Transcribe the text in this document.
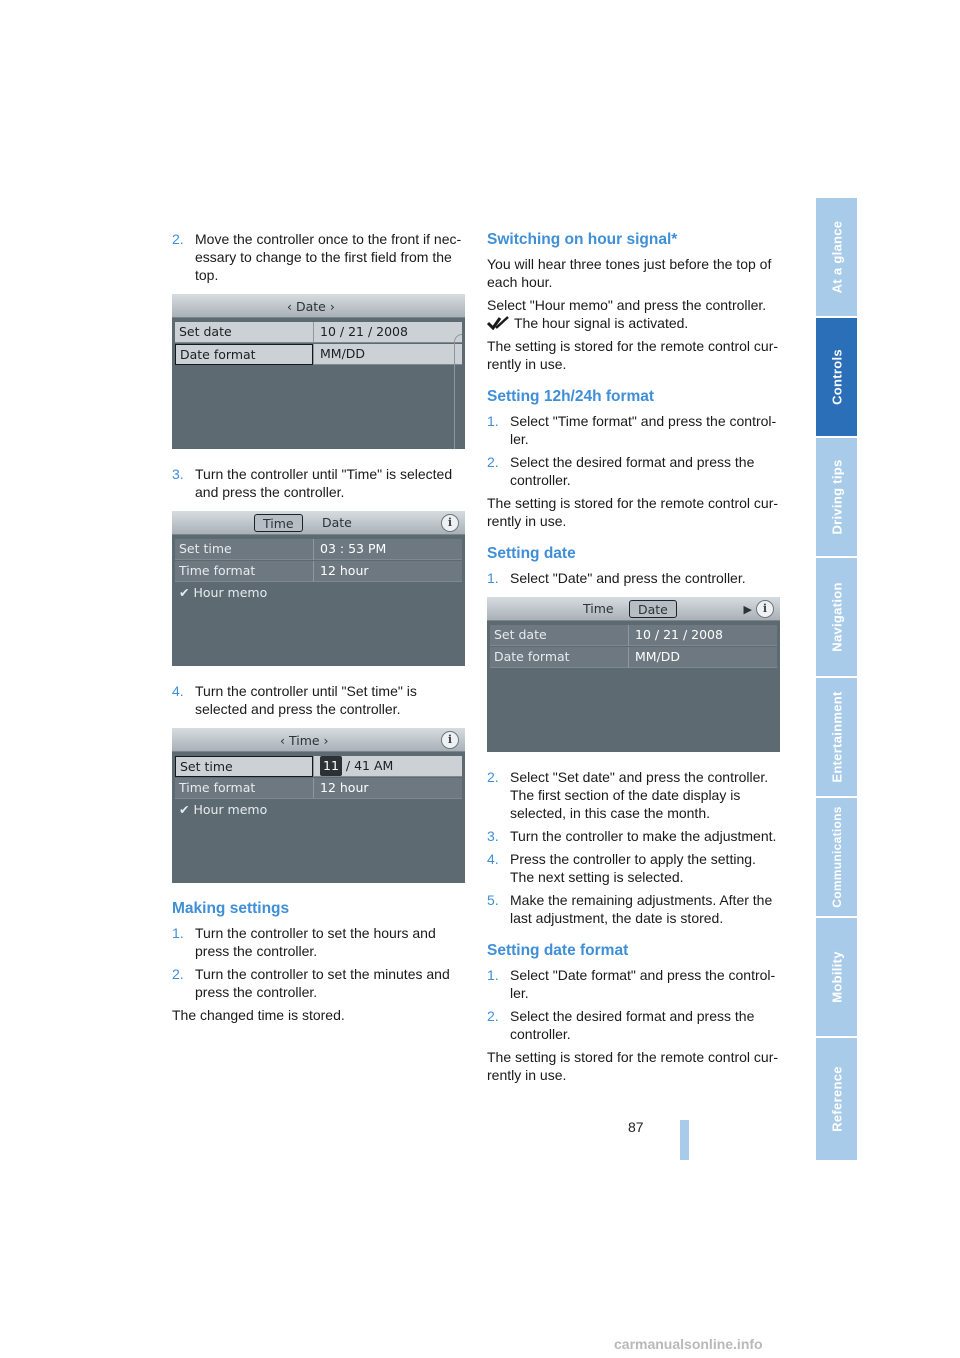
2. Move the controller once to the front if nec-essary to change to the first field from the top.
‹ Date ›
Set date	10 / 21 / 2008
Date format	MM/DD
3. Turn the controller until "Time" is selected and press the controller.
Time	Date	i
Set time	03 : 53 PM
Time format	12 hour
✔ Hour memo
4. Turn the controller until "Set time" is selected and press the controller.
‹ Time ›	i
Set time	11 / 41 AM
Time format	12 hour
✔ Hour memo
Making settings
1. Turn the controller to set the hours and press the controller.
2. Turn the controller to set the minutes and press the controller.
The changed time is stored.
Switching on hour signal*
You will hear three tones just before the top of each hour.
Select "Hour memo" and press the controller.
The hour signal is activated.
The setting is stored for the remote control cur-rently in use.
Setting 12h/24h format
1. Select "Time format" and press the control-ler.
2. Select the desired format and press the controller.
The setting is stored for the remote control cur-rently in use.
Setting date
1. Select "Date" and press the controller.
Time	Date	▶ i
Set date	10 / 21 / 2008
Date format	MM/DD
2. Select "Set date" and press the controller. The first section of the date display is selected, in this case the month.
3. Turn the controller to make the adjustment.
4. Press the controller to apply the setting. The next setting is selected.
5. Make the remaining adjustments. After the last adjustment, the date is stored.
Setting date format
1. Select "Date format" and press the control-ler.
2. Select the desired format and press the controller.
The setting is stored for the remote control cur-rently in use.
At a glance
Controls
Driving tips
Navigation
Entertainment
Communications
Mobility
Reference
87
carmanualsonline.info
